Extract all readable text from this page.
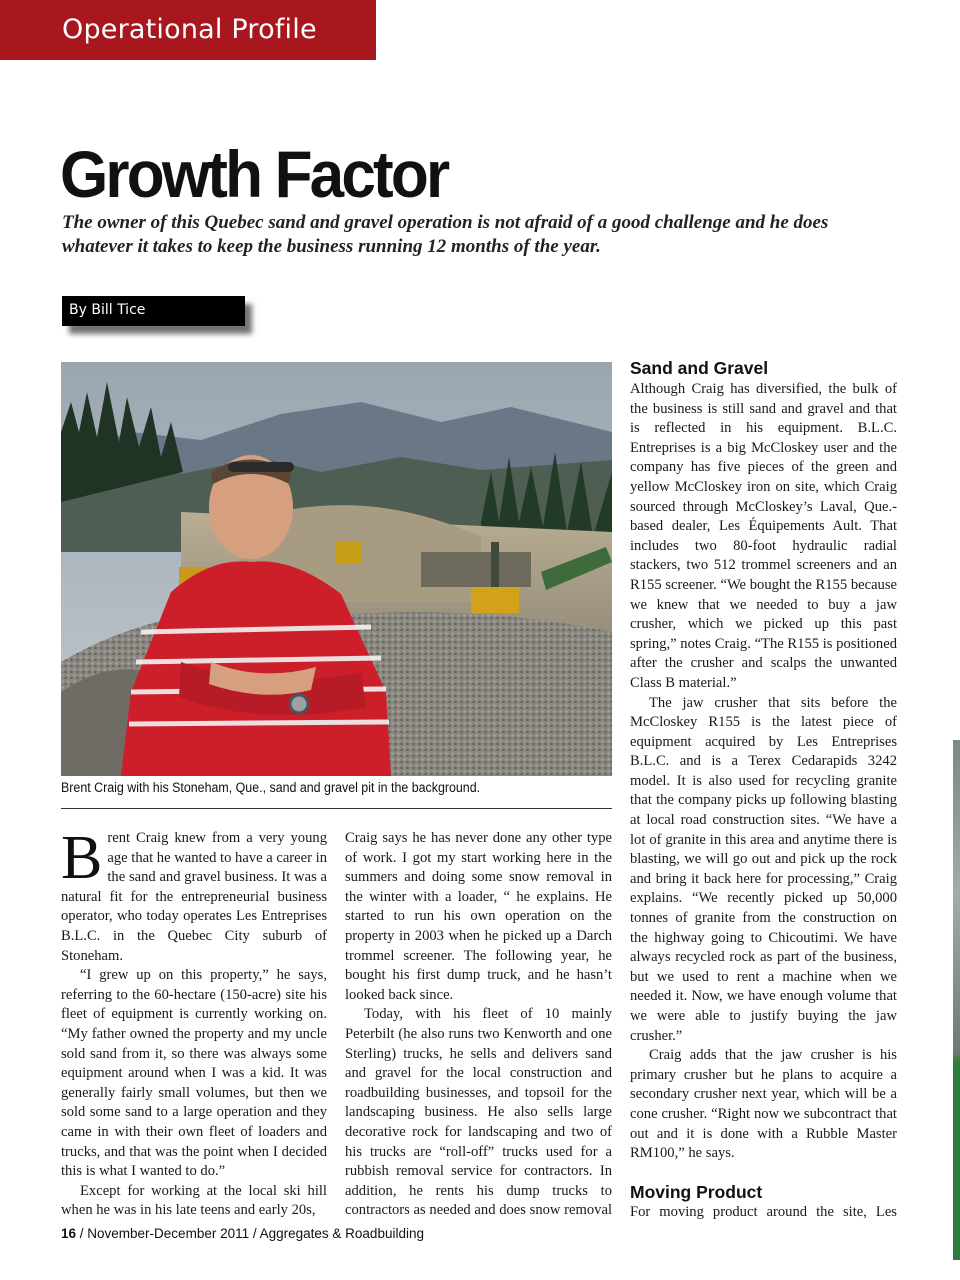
Operational Profile
Growth Factor
The owner of this Quebec sand and gravel operation is not afraid of a good challenge and he does whatever it takes to keep the business running 12 months of the year.
By Bill Tice
Brent Craig with his Stoneham, Que., sand and gravel pit in the background.

Brent Craig knew from a very young age that he wanted to have a career in the sand and gravel business. It was a natural fit for the entrepreneurial business operator, who today operates Les Entreprises B.L.C. in the Quebec City suburb of Stoneham.

“I grew up on this property,” he says, referring to the 60-hectare (150-acre) site his fleet of equipment is currently working on. “My father owned the property and my uncle sold sand from it, so there was always some equipment around when I was a kid. It was generally fairly small volumes, but then we sold some sand to a large operation and they came in with their own fleet of loaders and trucks, and that was the point when I decided this is what I wanted to do.”

Except for working at the local ski hill when he was in his late teens and early 20s,

Craig says he has never done any other type of work. I got my start working here in the summers and doing some snow removal in the winter with a loader, “ he explains. He started to run his own operation on the property in 2003 when he picked up a Darch trommel screener. The following year, he bought his first dump truck, and he hasn’t looked back since.

Today, with his fleet of 10 mainly Peterbilt (he also runs two Kenworth and one Sterling) trucks, he sells and delivers sand and gravel for the local construction and roadbuilding businesses, and topsoil for the landscaping business. He also sells large decorative rock for landscaping and two of his trucks are “roll-off” trucks used for a rubbish removal service for contractors. In addition, he rents his dump trucks to contractors as needed and does snow removal

Sand and Gravel

Although Craig has diversified, the bulk of the business is still sand and gravel and that is reflected in his equipment. B.L.C. Entreprises is a big McCloskey user and the company has five pieces of the green and yellow McCloskey iron on site, which Craig sourced through McCloskey’s Laval, Que.-based dealer, Les Équipements Ault. That includes two 80-foot hydraulic radial stackers, two 512 trommel screeners and an R155 screener. “We bought the R155 because we knew that we needed to buy a jaw crusher, which we picked up this past spring,” notes Craig. “The R155 is positioned after the crusher and scalps the unwanted Class B material.”

The jaw crusher that sits before the McCloskey R155 is the latest piece of equipment acquired by Les Entreprises B.L.C. and is a Terex Cedarapids 3242 model. It is also used for recycling granite that the company picks up following blasting at local road construction sites. “We have a lot of granite in this area and anytime there is blasting, we will go out and pick up the rock and bring it back here for processing,” Craig explains. “We recently picked up 50,000 tonnes of granite from the construction on the highway going to Chicoutimi. We have always recycled rock as part of the business, but we used to rent a machine when we needed it. Now, we have enough volume that we were able to justify buying the jaw crusher.”

Craig adds that the jaw crusher is his primary crusher but he plans to acquire a secondary crusher next year, which will be a cone crusher. “Right now we subcontract that out and it is done with a Rubble Master RM100,” he says.

Moving Product

For moving product around the site, Les

16 / November-December 2011 / Aggregates & Roadbuilding
